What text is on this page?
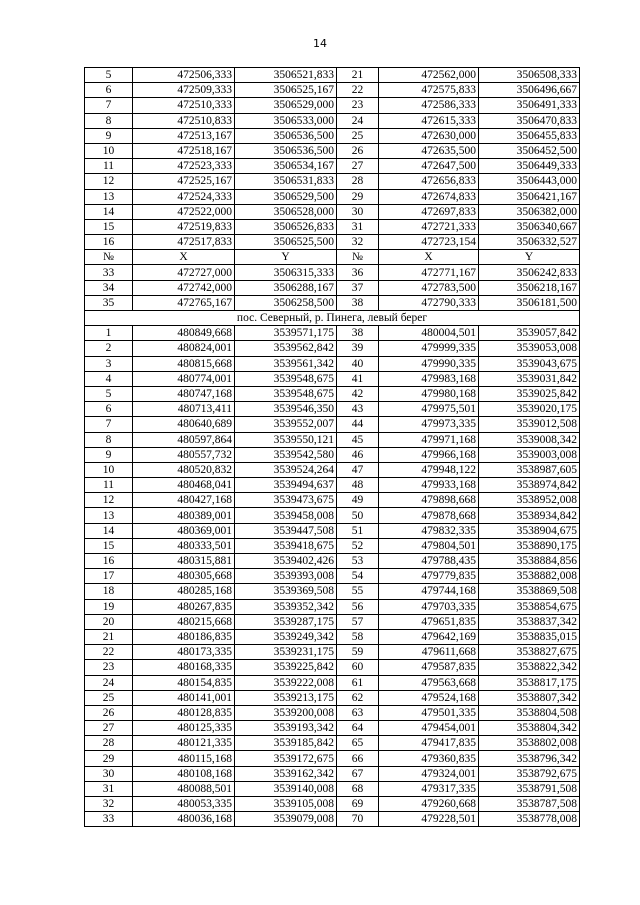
14
5	472506,333	3506521,833	21	472562,000	3506508,333
6	472509,333	3506525,167	22	472575,833	3506496,667
7	472510,333	3506529,000	23	472586,333	3506491,333
8	472510,833	3506533,000	24	472615,333	3506470,833
9	472513,167	3506536,500	25	472630,000	3506455,833
10	472518,167	3506536,500	26	472635,500	3506452,500
11	472523,333	3506534,167	27	472647,500	3506449,333
12	472525,167	3506531,833	28	472656,833	3506443,000
13	472524,333	3506529,500	29	472674,833	3506421,167
14	472522,000	3506528,000	30	472697,833	3506382,000
15	472519,833	3506526,833	31	472721,333	3506340,667
16	472517,833	3506525,500	32	472723,154	3506332,527
№	X	Y	№	X	Y
33	472727,000	3506315,333	36	472771,167	3506242,833
34	472742,000	3506288,167	37	472783,500	3506218,167
35	472765,167	3506258,500	38	472790,333	3506181,500
пос. Северный, р. Пинега, левый берег					
1	480849,668	3539571,175	38	480004,501	3539057,842
2	480824,001	3539562,842	39	479999,335	3539053,008
3	480815,668	3539561,342	40	479990,335	3539043,675
4	480774,001	3539548,675	41	479983,168	3539031,842
5	480747,168	3539548,675	42	479980,168	3539025,842
6	480713,411	3539546,350	43	479975,501	3539020,175
7	480640,689	3539552,007	44	479973,335	3539012,508
8	480597,864	3539550,121	45	479971,168	3539008,342
9	480557,732	3539542,580	46	479966,168	3539003,008
10	480520,832	3539524,264	47	479948,122	3538987,605
11	480468,041	3539494,637	48	479933,168	3538974,842
12	480427,168	3539473,675	49	479898,668	3538952,008
13	480389,001	3539458,008	50	479878,668	3538934,842
14	480369,001	3539447,508	51	479832,335	3538904,675
15	480333,501	3539418,675	52	479804,501	3538890,175
16	480315,881	3539402,426	53	479788,435	3538884,856
17	480305,668	3539393,008	54	479779,835	3538882,008
18	480285,168	3539369,508	55	479744,168	3538869,508
19	480267,835	3539352,342	56	479703,335	3538854,675
20	480215,668	3539287,175	57	479651,835	3538837,342
21	480186,835	3539249,342	58	479642,169	3538835,015
22	480173,335	3539231,175	59	479611,668	3538827,675
23	480168,335	3539225,842	60	479587,835	3538822,342
24	480154,835	3539222,008	61	479563,668	3538817,175
25	480141,001	3539213,175	62	479524,168	3538807,342
26	480128,835	3539200,008	63	479501,335	3538804,508
27	480125,335	3539193,342	64	479454,001	3538804,342
28	480121,335	3539185,842	65	479417,835	3538802,008
29	480115,168	3539172,675	66	479360,835	3538796,342
30	480108,168	3539162,342	67	479324,001	3538792,675
31	480088,501	3539140,008	68	479317,335	3538791,508
32	480053,335	3539105,008	69	479260,668	3538787,508
33	480036,168	3539079,008	70	479228,501	3538778,008
